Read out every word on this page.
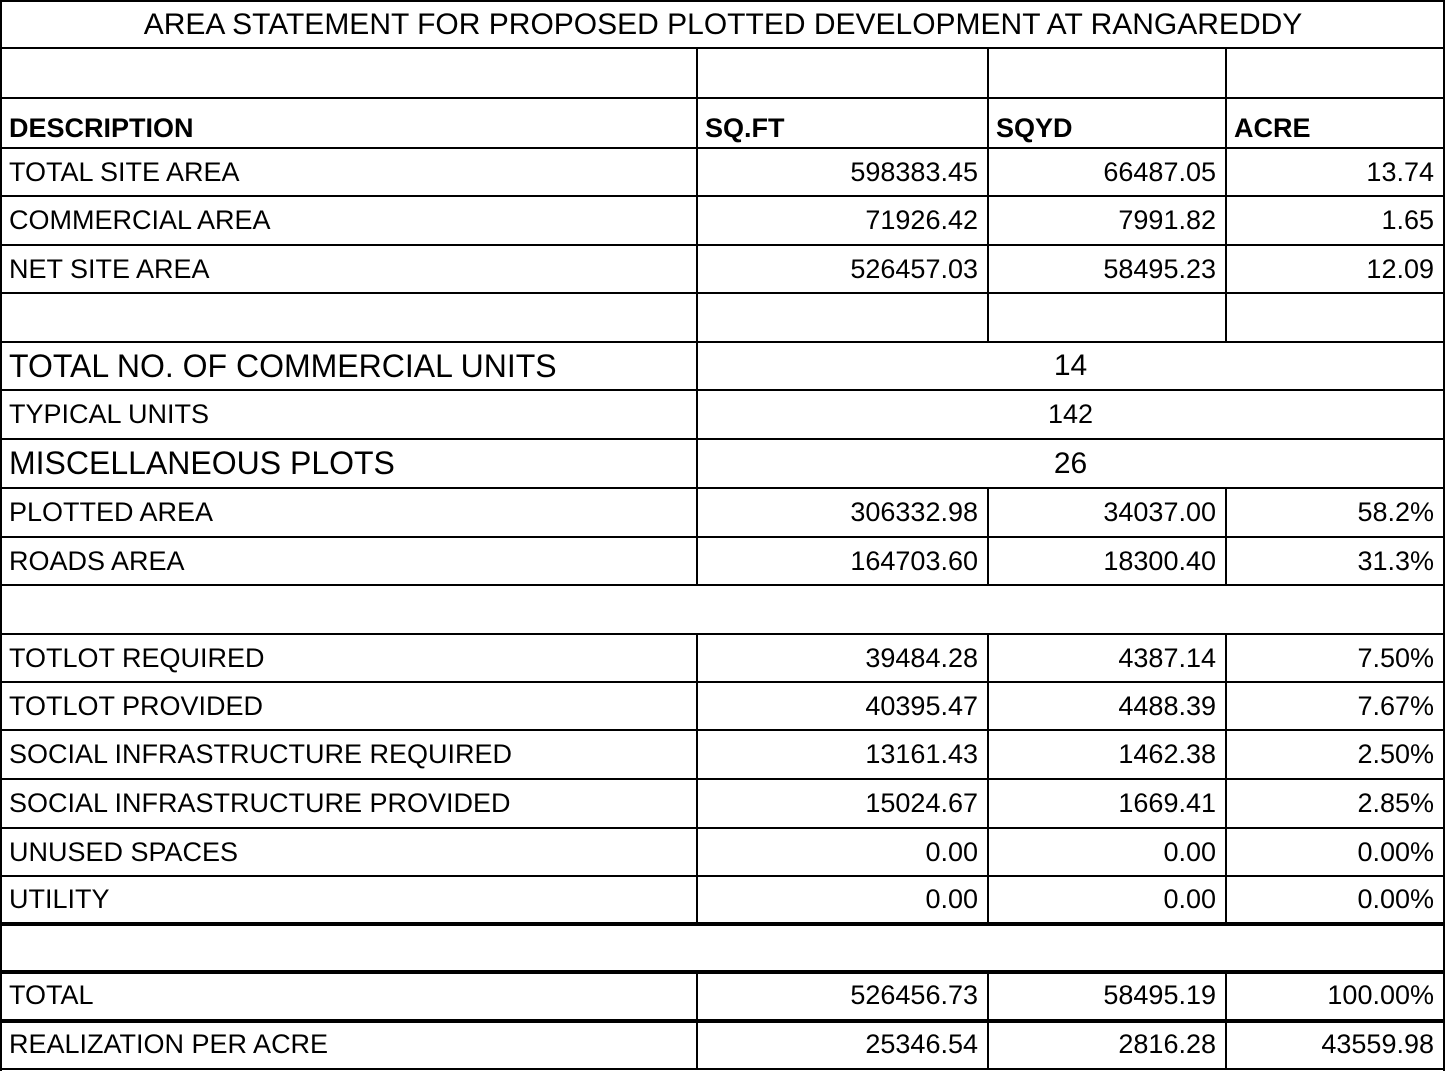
AREA STATEMENT FOR PROPOSED PLOTTED DEVELOPMENT AT RANGAREDDY
DESCRIPTION	SQ.FT	SQYD	ACRE
TOTAL SITE AREA	598383.45	66487.05	13.74
COMMERCIAL AREA	71926.42	7991.82	1.65
NET SITE AREA	526457.03	58495.23	12.09
TOTAL NO. OF COMMERCIAL UNITS	14
TYPICAL UNITS	142
MISCELLANEOUS PLOTS	26
PLOTTED AREA	306332.98	34037.00	58.2%
ROADS AREA	164703.60	18300.40	31.3%
TOTLOT REQUIRED	39484.28	4387.14	7.50%
TOTLOT PROVIDED	40395.47	4488.39	7.67%
SOCIAL INFRASTRUCTURE REQUIRED	13161.43	1462.38	2.50%
SOCIAL INFRASTRUCTURE PROVIDED	15024.67	1669.41	2.85%
UNUSED SPACES	0.00	0.00	0.00%
UTILITY	0.00	0.00	0.00%
TOTAL	526456.73	58495.19	100.00%
REALIZATION PER ACRE	25346.54	2816.28	43559.98
